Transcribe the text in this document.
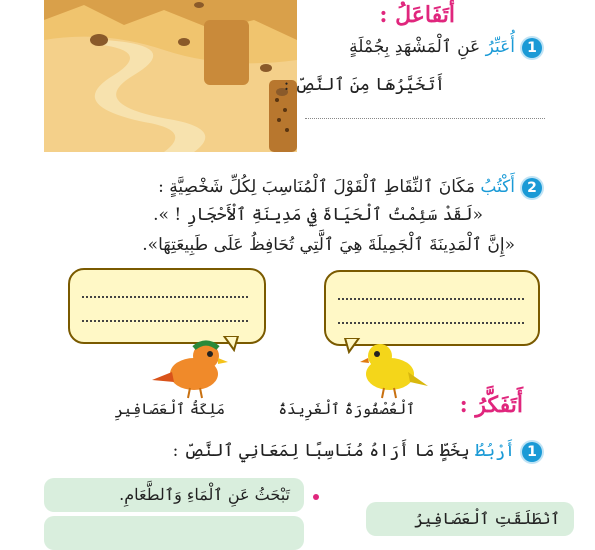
أَتَفَاعَلُ :
1
أُعَبِّرُ عَنِ ٱلْمَشْهَدِ بِجُمْلَةٍ
أَتَخَيَّرُهَا مِنَ ٱلنَّصِّ :
2
أَكْتُبُ مَكَانَ ٱلنِّقَاطِ ٱلْقَوْلَ ٱلْمُنَاسِبَ لِكُلِّ شَخْصِيَّةٍ :
«لَقَدْ سَئِمْتُ ٱلْحَيَاةَ فِي مَدِينَةِ ٱلْأَحْجَارِ ! ».
«إِنَّ ٱلْمَدِينَةَ ٱلْجَمِيلَةَ هِيَ ٱلَّتِي تُحَافِظُ عَلَى طَبِيعَتِهَا».
ٱلْعُصْفُورَةُ ٱلْغَرِيدَةُ
مَلِكَةُ ٱلْعَصَافِيرِ	أَتَفَكَّرُ :
1
أَرْبُطُ بِخَطٍّ مَا أَرَاهُ مُنَاسِبًا لِمَعَانِي ٱلنَّصِّ :
تَبْحَثُ عَنِ ٱلْمَاءِ وَٱلطَّعَامِ.
ٱنْطَلَقَتِ ٱلْعَصَافِيرُ
